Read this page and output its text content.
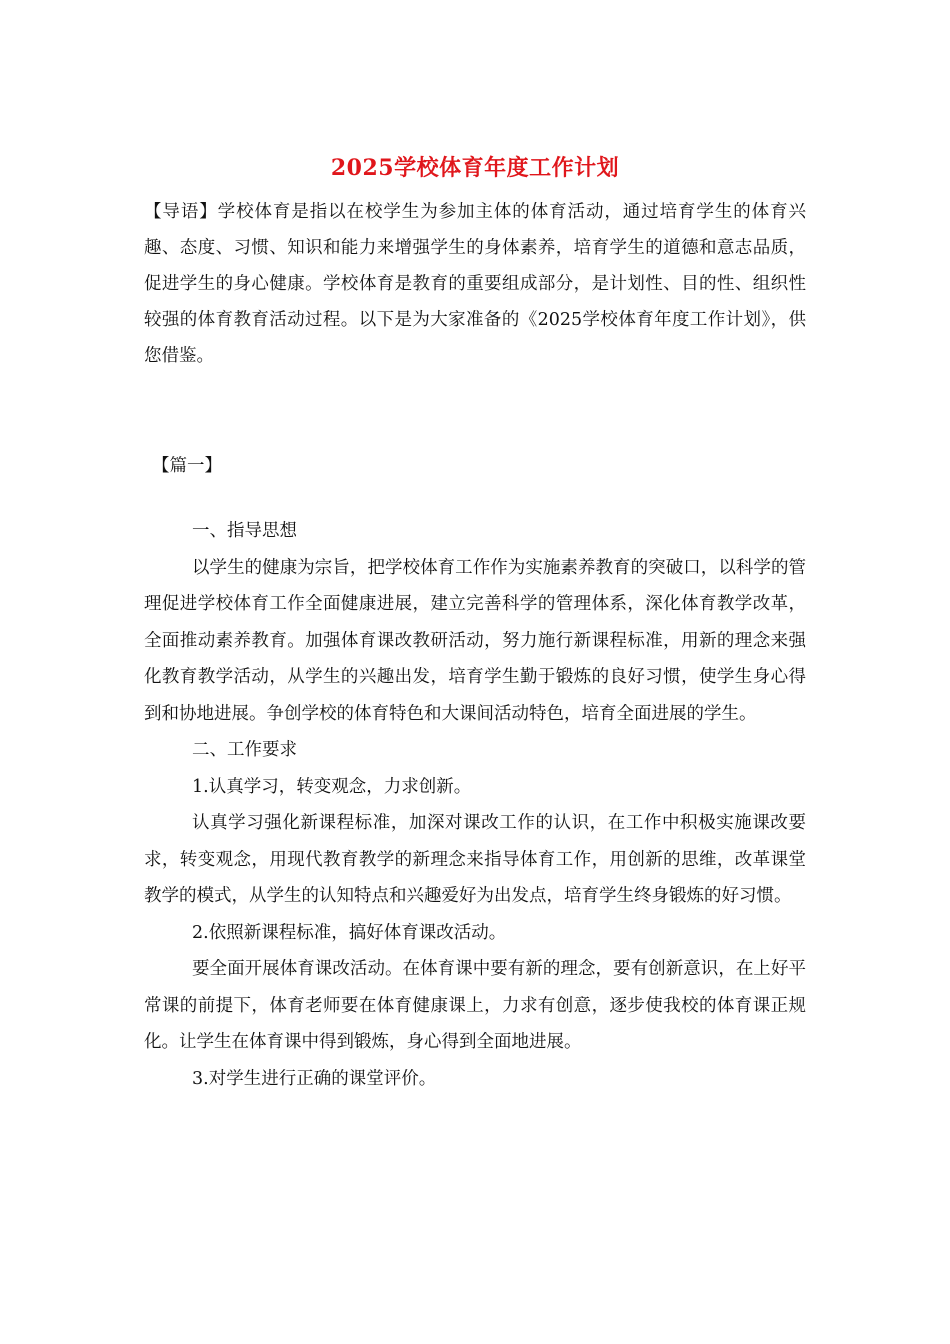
2025学校体育年度工作计划

【导语】学校体育是指以在校学生为参加主体的体育活动，通过培育学生的体育兴趣、态度、习惯、知识和能力来增强学生的身体素养，培育学生的道德和意志品质，促进学生的身心健康。学校体育是教育的重要组成部分，是计划性、目的性、组织性较强的体育教育活动过程。以下是为大家准备的《2025学校体育年度工作计划》，供您借鉴。

【篇一】

一、指导思想

以学生的健康为宗旨，把学校体育工作作为实施素养教育的突破口，以科学的管理促进学校体育工作全面健康进展，建立完善科学的管理体系，深化体育教学改革，全面推动素养教育。加强体育课改教研活动，努力施行新课程标准，用新的理念来强化教育教学活动，从学生的兴趣出发，培育学生勤于锻炼的良好习惯，使学生身心得到和协地进展。争创学校的体育特色和大课间活动特色，培育全面进展的学生。

二、工作要求

1.认真学习，转变观念，力求创新。

认真学习强化新课程标准，加深对课改工作的认识，在工作中积极实施课改要求，转变观念，用现代教育教学的新理念来指导体育工作，用创新的思维，改革课堂教学的模式，从学生的认知特点和兴趣爱好为出发点，培育学生终身锻炼的好习惯。

2.依照新课程标准，搞好体育课改活动。

要全面开展体育课改活动。在体育课中要有新的理念，要有创新意识，在上好平常课的前提下，体育老师要在体育健康课上，力求有创意，逐步使我校的体育课正规化。让学生在体育课中得到锻炼，身心得到全面地进展。

3.对学生进行正确的课堂评价。
